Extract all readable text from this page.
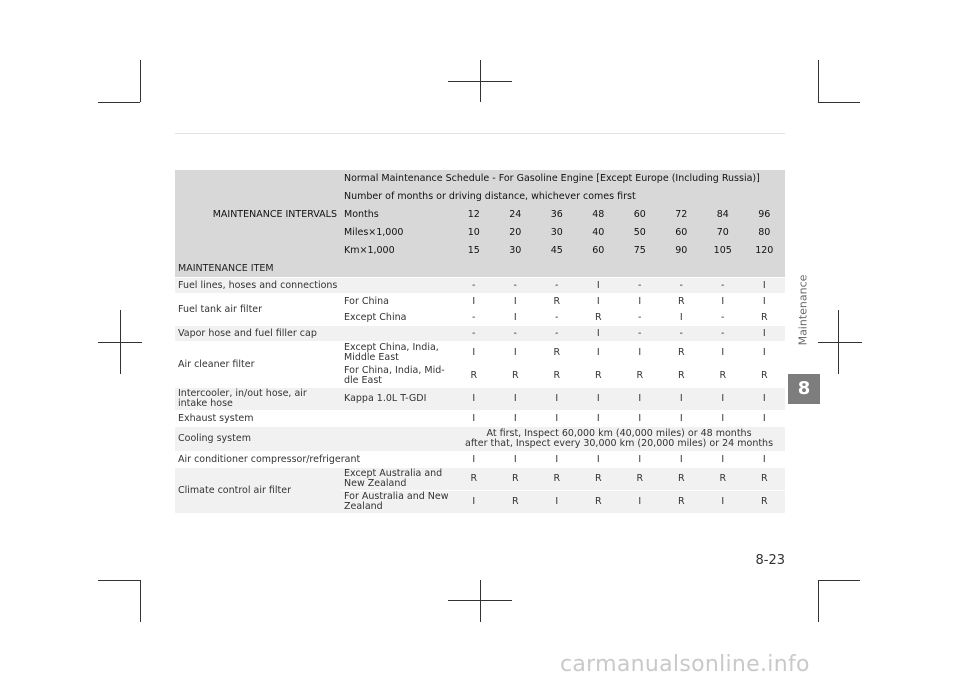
MAINTENANCE INTERVALS	Normal Maintenance Schedule - For Gasoline Engine [Except Europe (Including Russia)]								
	Number of months or driving distance, whichever comes first								
	Months	12	24	36	48	60	72	84	96
	Miles×1,000	10	20	30	40	50	60	70	80
	Km×1,000	15	30	45	60	75	90	105	120
MAINTENANCE ITEM									
Fuel lines, hoses and connections		-	-	-	I	-	-	-	I
Fuel tank air filter	For China	I	I	R	I	I	R	I	I
	Except China	-	I	-	R	-	I	-	R
Vapor hose and fuel filler cap		-	-	-	I	-	-	-	I
Air cleaner filter	Except China, India, Middle East	I	I	R	I	I	R	I	I
	For China, India, Mid-dle East	R	R	R	R	R	R	R	R
Intercooler, in/out hose, air intake hose	Kappa 1.0L T-GDI	I	I	I	I	I	I	I	I
Exhaust system		I	I	I	I	I	I	I	I
Cooling system		At first, Inspect 60,000 km (40,000 miles) or 48 months
after that, Inspect every 30,000 km (20,000 miles) or 24 months							

Air conditioner compressor/refrigerant		I	I	I	I	I	I	I	I
Climate control air filter	Except Australia and New Zealand	R	R	R	R	R	R	R	R
	For Australia and New Zealand	I	R	I	R	I	R	I	R
Maintenance
8
8-23
carmanualsonline.info
